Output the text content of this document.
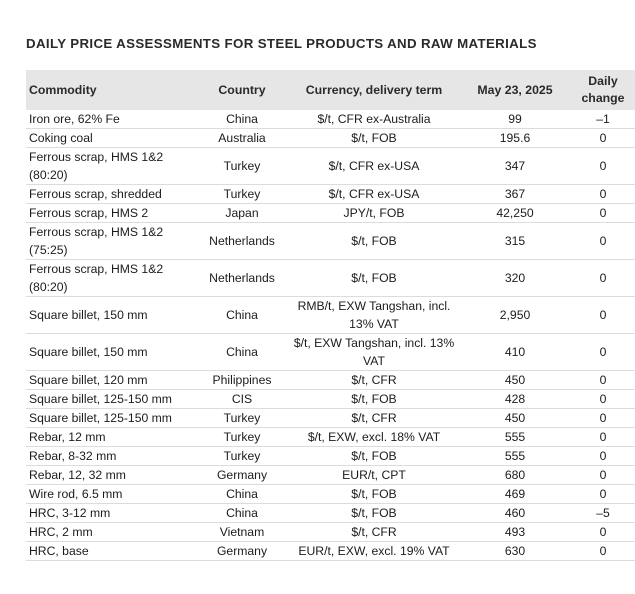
DAILY PRICE ASSESSMENTS FOR STEEL PRODUCTS AND RAW MATERIALS
Commodity	Country	Currency, delivery term	May 23, 2025	Daily change
Iron ore, 62% Fe	China	$/t, CFR ex-Australia	99	–1
Coking coal	Australia	$/t, FOB	195.6	0
Ferrous scrap, HMS 1&2 (80:20)	Turkey	$/t, CFR ex-USA	347	0
Ferrous scrap, shredded	Turkey	$/t, CFR ex-USA	367	0
Ferrous scrap, HMS 2	Japan	JPY/t, FOB	42,250	0
Ferrous scrap, HMS 1&2 (75:25)	Netherlands	$/t, FOB	315	0
Ferrous scrap, HMS 1&2 (80:20)	Netherlands	$/t, FOB	320	0
Square billet, 150 mm	China	RMB/t, EXW Tangshan, incl. 13% VAT	2,950	0
Square billet, 150 mm	China	$/t, EXW Tangshan, incl. 13% VAT	410	0
Square billet, 120 mm	Philippines	$/t, CFR	450	0
Square billet, 125-150 mm	CIS	$/t, FOB	428	0
Square billet, 125-150 mm	Turkey	$/t, CFR	450	0
Rebar, 12 mm	Turkey	$/t, EXW, excl. 18% VAT	555	0
Rebar, 8-32 mm	Turkey	$/t, FOB	555	0
Rebar, 12, 32 mm	Germany	EUR/t, CPT	680	0
Wire rod, 6.5 mm	China	$/t, FOB	469	0
HRC, 3-12 mm	China	$/t, FOB	460	–5
HRC, 2 mm	Vietnam	$/t, CFR	493	0
HRC, base	Germany	EUR/t, EXW, excl. 19% VAT	630	0
